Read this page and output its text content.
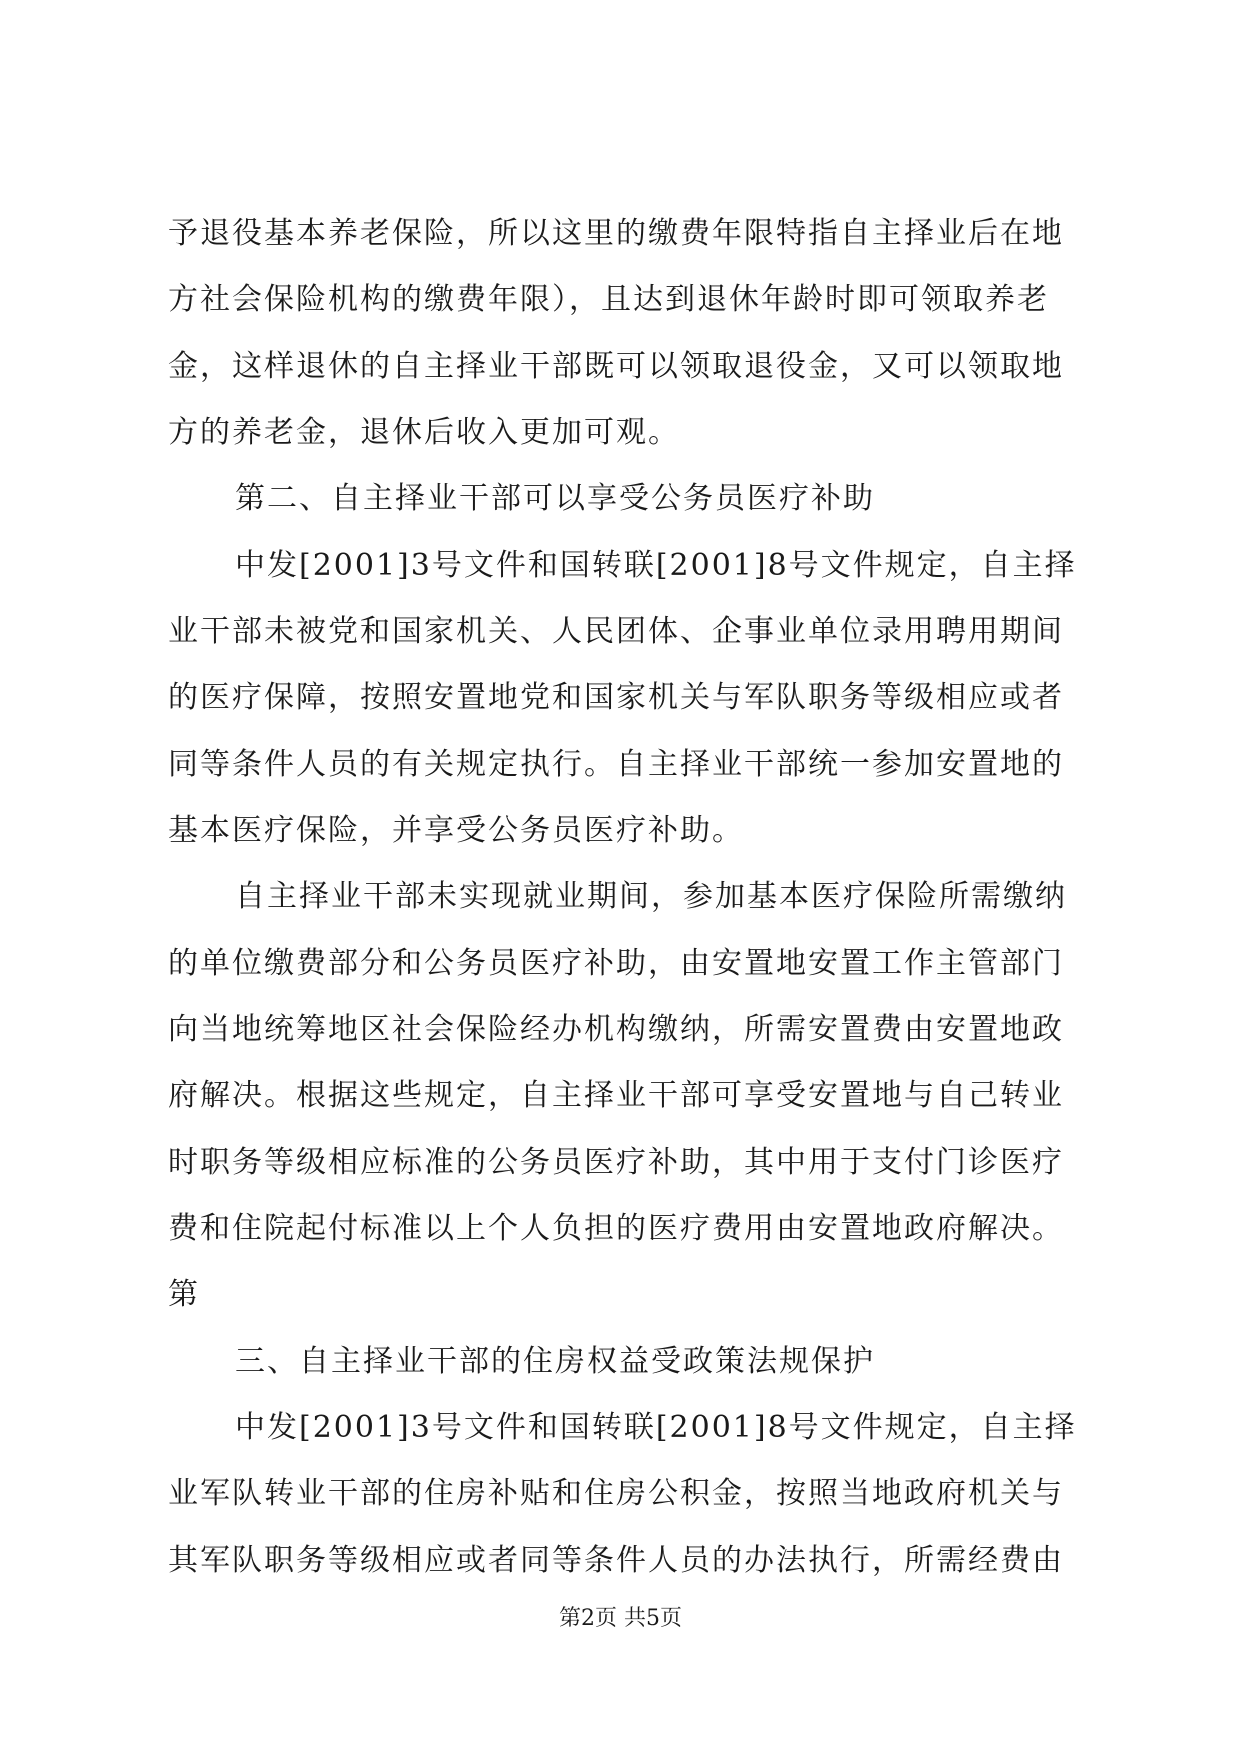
予退役基本养老保险，所以这里的缴费年限特指自主择业后在地
方社会保险机构的缴费年限），且达到退休年龄时即可领取养老
金，这样退休的自主择业干部既可以领取退役金，又可以领取地
方的养老金，退休后收入更加可观。
第二、自主择业干部可以享受公务员医疗补助
中发[2001]3号文件和国转联[2001]8号文件规定，自主择
业干部未被党和国家机关、人民团体、企事业单位录用聘用期间
的医疗保障，按照安置地党和国家机关与军队职务等级相应或者
同等条件人员的有关规定执行。自主择业干部统一参加安置地的
基本医疗保险，并享受公务员医疗补助。
自主择业干部未实现就业期间，参加基本医疗保险所需缴纳
的单位缴费部分和公务员医疗补助，由安置地安置工作主管部门
向当地统筹地区社会保险经办机构缴纳，所需安置费由安置地政
府解决。根据这些规定，自主择业干部可享受安置地与自己转业
时职务等级相应标准的公务员医疗补助，其中用于支付门诊医疗
费和住院起付标准以上个人负担的医疗费用由安置地政府解决。
第
三、自主择业干部的住房权益受政策法规保护
中发[2001]3号文件和国转联[2001]8号文件规定，自主择
业军队转业干部的住房补贴和住房公积金，按照当地政府机关与
其军队职务等级相应或者同等条件人员的办法执行，所需经费由
第2页 共5页
